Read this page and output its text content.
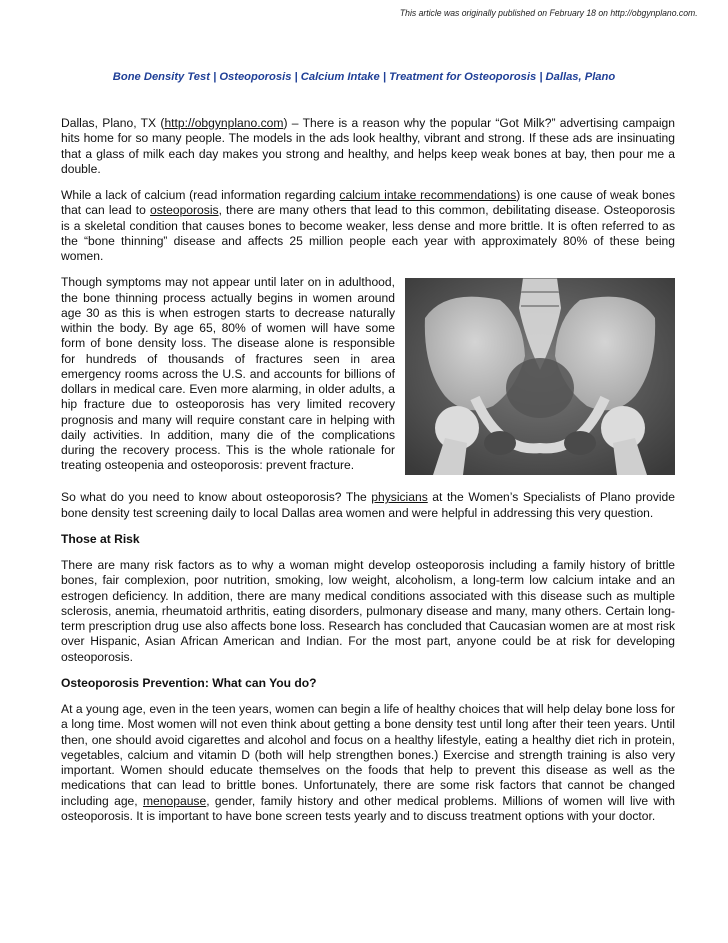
This article was originally published on February 18 on http://obgynplano.com.
Bone Density Test | Osteoporosis | Calcium Intake | Treatment for Osteoporosis | Dallas, Plano

Dallas, Plano, TX (http://obgynplano.com) – There is a reason why the popular “Got Milk?” advertising campaign hits home for so many people. The models in the ads look healthy, vibrant and strong. If these ads are insinuating that a glass of milk each day makes you strong and healthy, and helps keep weak bones at bay, then pour me a double.

While a lack of calcium (read information regarding calcium intake recommendations) is one cause of weak bones that can lead to osteoporosis, there are many others that lead to this common, debilitating disease. Osteoporosis is a skeletal condition that causes bones to become weaker, less dense and more brittle. It is often referred to as the “bone thinning” disease and affects 25 million people each year with approximately 80% of these being women.

Though symptoms may not appear until later on in adulthood, the bone thinning process actually begins in women around age 30 as this is when estrogen starts to decrease naturally within the body. By age 65, 80% of women will have some form of bone density loss. The disease alone is responsible for hundreds of thousands of fractures seen in area emergency rooms across the U.S. and accounts for billions of dollars in medical care. Even more alarming, in older adults, a hip fracture due to osteoporosis has very limited recovery prognosis and many will require constant care in helping with daily activities. In addition, many die of the complications during the recovery process. This is the whole rationale for treating osteopenia and osteoporosis: prevent fracture.

So what do you need to know about osteoporosis? The physicians at the Women’s Specialists of Plano provide bone density test screening daily to local Dallas area women and were helpful in addressing this very question.

Those at Risk

There are many risk factors as to why a woman might develop osteoporosis including a family history of brittle bones, fair complexion, poor nutrition, smoking, low weight, alcoholism, a long-term low calcium intake and an estrogen deficiency. In addition, there are many medical conditions associated with this disease such as multiple sclerosis, anemia, rheumatoid arthritis, eating disorders, pulmonary disease and many, many others. Certain long-term prescription drug use also affects bone loss. Research has concluded that Caucasian women are at most risk over Hispanic, Asian African American and Indian. For the most part, anyone could be at risk for developing osteoporosis.

Osteoporosis Prevention: What can You do?

At a young age, even in the teen years, women can begin a life of healthy choices that will help delay bone loss for a long time. Most women will not even think about getting a bone density test until long after their teen years. Until then, one should avoid cigarettes and alcohol and focus on a healthy lifestyle, eating a healthy diet rich in protein, vegetables, calcium and vitamin D (both will help strengthen bones.) Exercise and strength training is also very important. Women should educate themselves on the foods that help to prevent this disease as well as the medications that can lead to brittle bones. Unfortunately, there are some risk factors that cannot be changed including age, menopause, gender, family history and other medical problems. Millions of women will live with osteoporosis. It is important to have bone screen tests yearly and to discuss treatment options with your doctor.
